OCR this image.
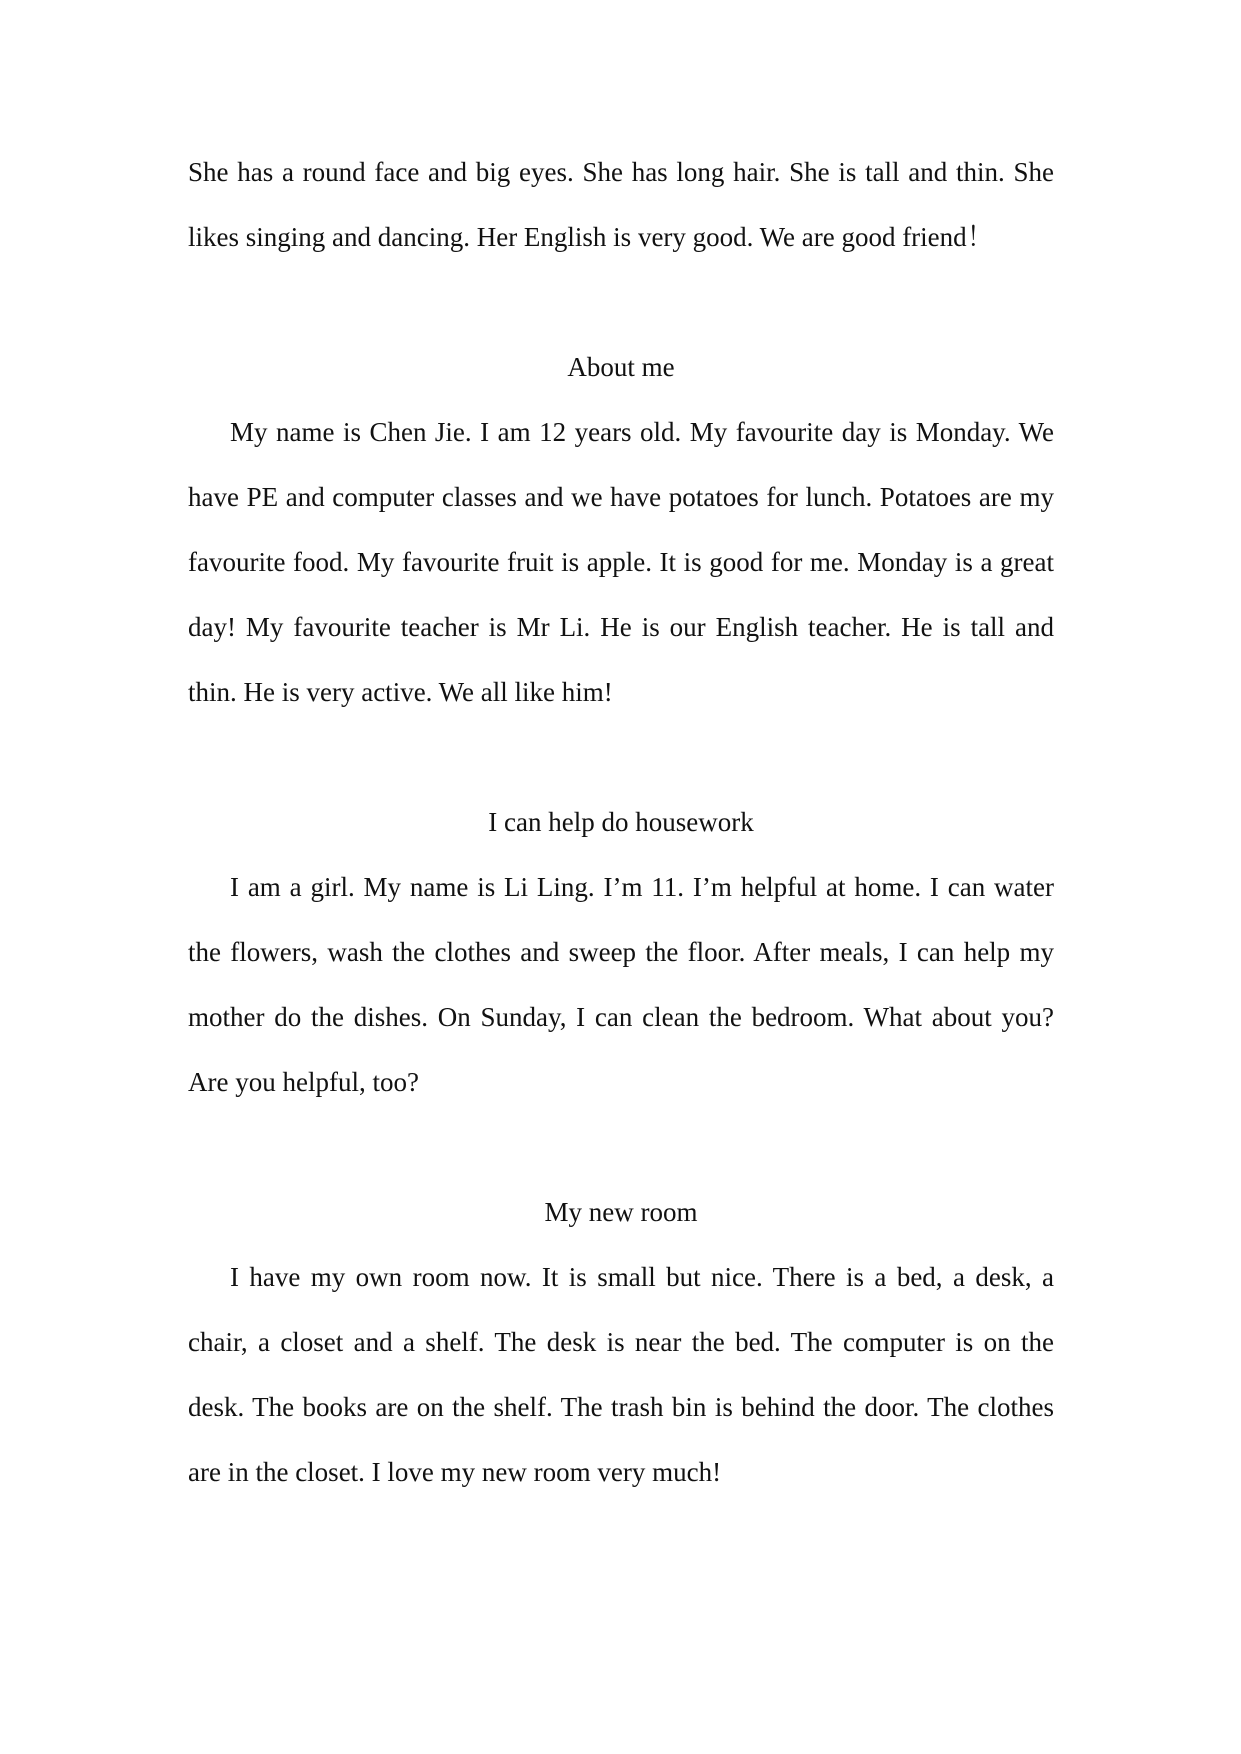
She has a round face and big eyes. She has long hair. She is tall and thin. She likes singing and dancing. Her English is very good. We are good friend！

About me

My name is Chen Jie. I am 12 years old. My favourite day is Monday. We have PE and computer classes and we have potatoes for lunch. Potatoes are my favourite food. My favourite fruit is apple. It is good for me. Monday is a great day! My favourite teacher is Mr Li. He is our English teacher. He is tall and thin. He is very active. We all like him!

I can help do housework

I am a girl. My name is Li Ling. I’m 11. I’m helpful at home. I can water the flowers, wash the clothes and sweep the floor. After meals, I can help my mother do the dishes. On Sunday, I can clean the bedroom. What about you? Are you helpful, too?

My new room

I have my own room now. It is small but nice. There is a bed, a desk, a chair, a closet and a shelf. The desk is near the bed. The computer is on the desk. The books are on the shelf. The trash bin is behind the door. The clothes are in the closet. I love my new room very much!
